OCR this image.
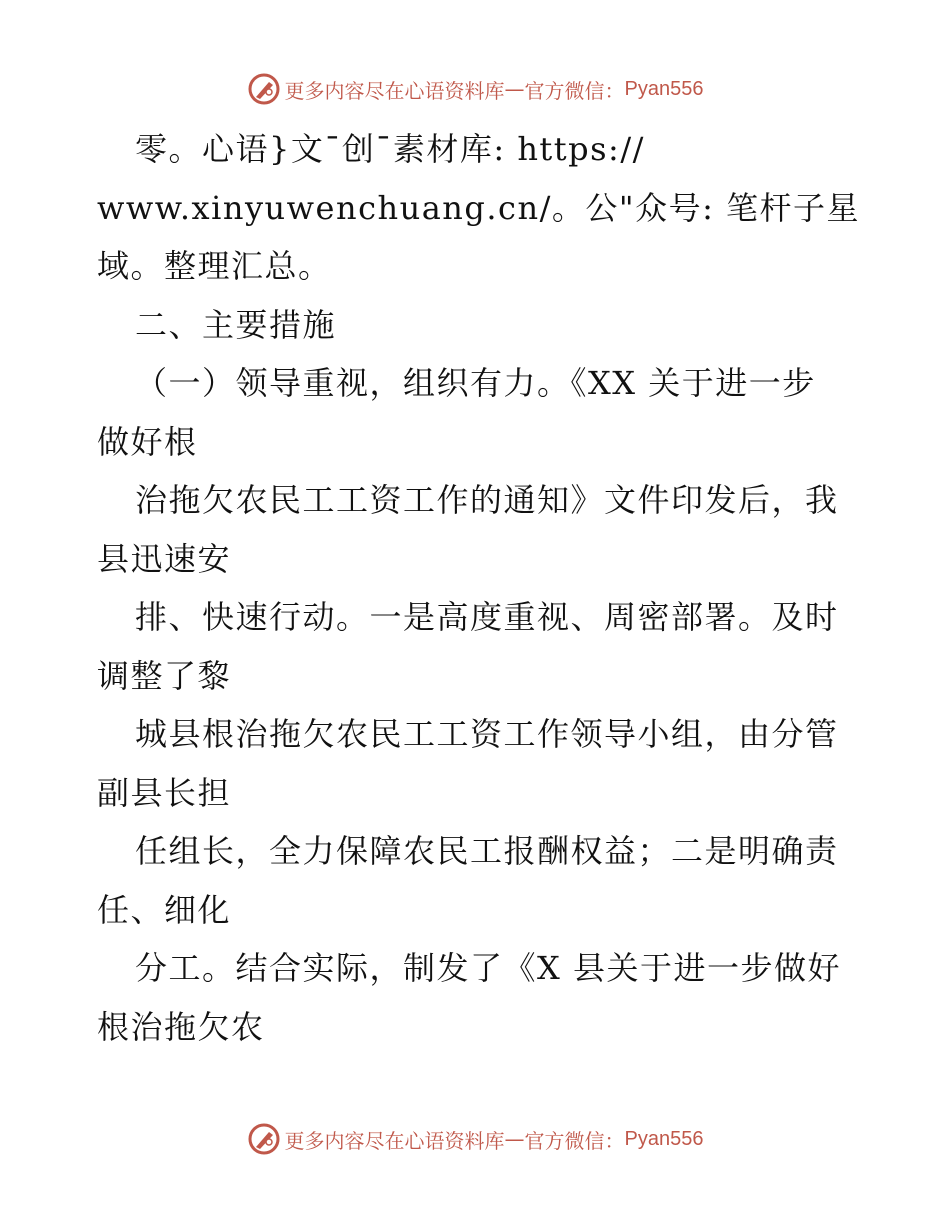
更多内容尽在心语资料库 — 官方微信： Pyan556
零。心语}文¯创¯素材库: https://
www.xinyuwenchuang.cn/。公"众号: 笔杆子星
域。整理汇总。
二、主要措施
（一）领导重视，组织有力。《XX 关于进一步
做好根
治拖欠农民工工资工作的通知》文件印发后，我
县迅速安
排、快速行动。一是高度重视、周密部署。及时
调整了黎
城县根治拖欠农民工工资工作领导小组，由分管
副县长担
任组长，全力保障农民工报酬权益；二是明确责
任、细化
分工。结合实际，制发了《X 县关于进一步做好
根治拖欠农
更多内容尽在心语资料库 — 官方微信： Pyan556
